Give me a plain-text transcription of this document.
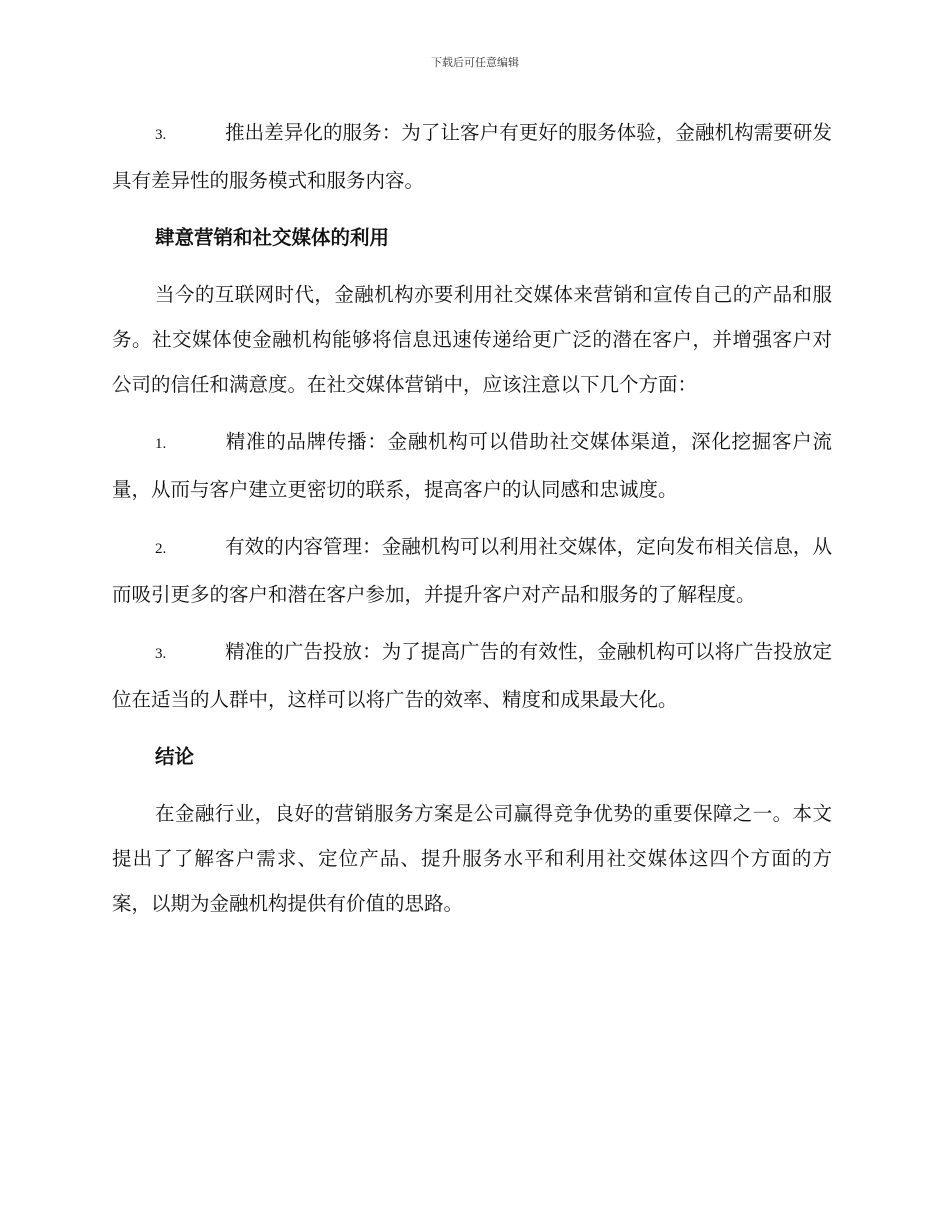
下载后可任意编辑

3.	推出差异化的服务：为了让客户有更好的服务体验，金融机构需要研发具有差异性的服务模式和服务内容。

肆意营销和社交媒体的利用

当今的互联网时代，金融机构亦要利用社交媒体来营销和宣传自己的产品和服务。社交媒体使金融机构能够将信息迅速传递给更广泛的潜在客户，并增强客户对公司的信任和满意度。在社交媒体营销中，应该注意以下几个方面：

1.	精准的品牌传播：金融机构可以借助社交媒体渠道，深化挖掘客户流量，从而与客户建立更密切的联系，提高客户的认同感和忠诚度。

2.	有效的内容管理：金融机构可以利用社交媒体，定向发布相关信息，从而吸引更多的客户和潜在客户参加，并提升客户对产品和服务的了解程度。

3.	精准的广告投放：为了提高广告的有效性，金融机构可以将广告投放定位在适当的人群中，这样可以将广告的效率、精度和成果最大化。

结论

在金融行业，良好的营销服务方案是公司赢得竞争优势的重要保障之一。本文提出了了解客户需求、定位产品、提升服务水平和利用社交媒体这四个方面的方案，以期为金融机构提供有价值的思路。
